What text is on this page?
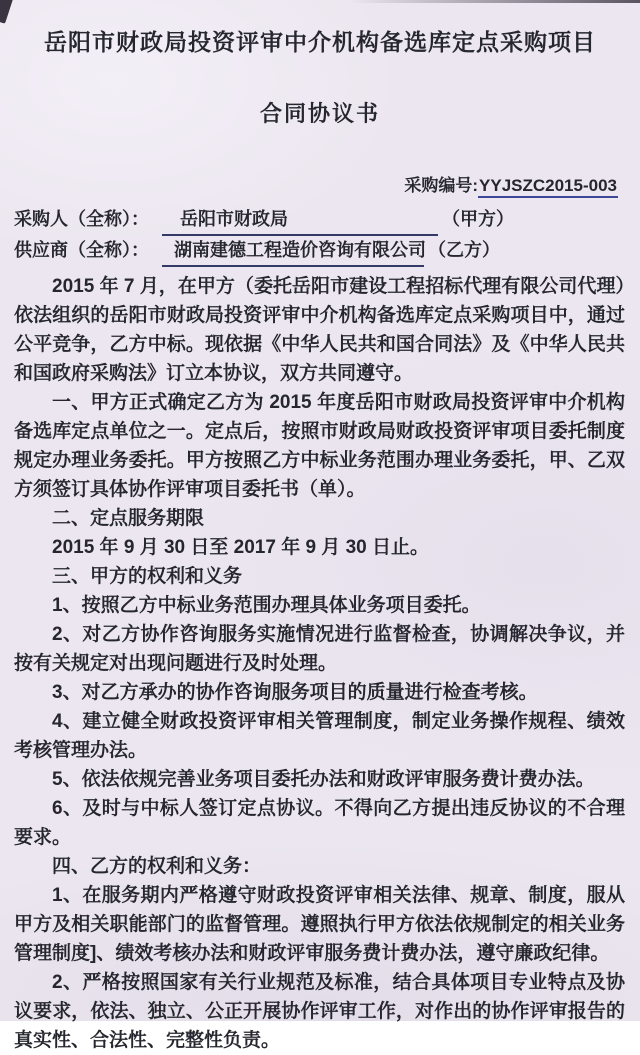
岳阳市财政局投资评审中介机构备选库定点采购项目
合同协议书
采购编号:YYJSZC2015-003
采购人（全称）： 岳阳市财政局	（甲方）
供应商（全称）： 湖南建德工程造价咨询有限公司 （乙方）

2015 年 7 月，在甲方（委托岳阳市建设工程招标代理有限公司代理）依法组织的岳阳市财政局投资评审中介机构备选库定点采购项目中，通过公平竞争，乙方中标。现依据《中华人民共和国合同法》及《中华人民共和国政府采购法》订立本协议，双方共同遵守。

一、甲方正式确定乙方为 2015 年度岳阳市财政局投资评审中介机构备选库定点单位之一。定点后，按照市财政局财政投资评审项目委托制度规定办理业务委托。甲方按照乙方中标业务范围办理业务委托，甲、乙双方须签订具体协作评审项目委托书（单）。

二、定点服务期限

2015 年 9 月 30 日至 2017 年 9 月 30 日止。

三、甲方的权利和义务

1、按照乙方中标业务范围办理具体业务项目委托。

2、对乙方协作咨询服务实施情况进行监督检查，协调解决争议，并按有关规定对出现问题进行及时处理。

3、对乙方承办的协作咨询服务项目的质量进行检查考核。

4、建立健全财政投资评审相关管理制度，制定业务操作规程、绩效考核管理办法。

5、依法依规完善业务项目委托办法和财政评审服务费计费办法。

6、及时与中标人签订定点协议。不得向乙方提出违反协议的不合理要求。

四、乙方的权利和义务：

1、在服务期内严格遵守财政投资评审相关法律、规章、制度，服从甲方及相关职能部门的监督管理。遵照执行甲方依法依规制定的相关业务管理制度]、绩效考核办法和财政评审服务费计费办法，遵守廉政纪律。

2、严格按照国家有关行业规范及标准，结合具体项目专业特点及协议要求，依法、独立、公正开展协作评审工作，对作出的协作评审报告的真实性、合法性、完整性负责。
